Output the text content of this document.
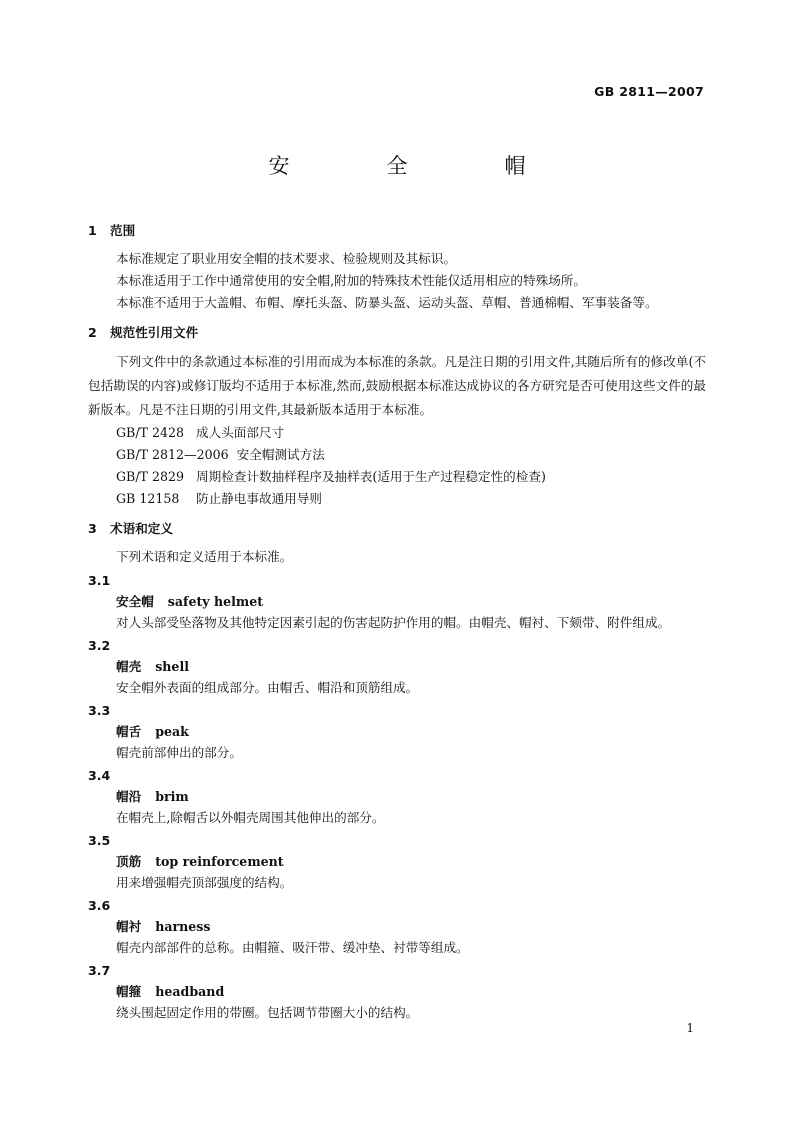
GB 2811—2007
安　全　帽
1 范围

本标准规定了职业用安全帽的技术要求、检验规则及其标识。

本标准适用于工作中通常使用的安全帽,附加的特殊技术性能仅适用相应的特殊场所。

本标准不适用于大盖帽、布帽、摩托头盔、防暴头盔、运动头盔、草帽、普通棉帽、军事装备等。

2 规范性引用文件

下列文件中的条款通过本标准的引用而成为本标准的条款。凡是注日期的引用文件,其随后所有的修改单(不包括勘误的内容)或修订版均不适用于本标准,然而,鼓励根据本标准达成协议的各方研究是否可使用这些文件的最新版本。凡是不注日期的引用文件,其最新版本适用于本标准。

GB/T 2428 成人头面部尺寸
GB/T 2812—2006 安全帽测试方法
GB/T 2829 周期检查计数抽样程序及抽样表(适用于生产过程稳定性的检查)
GB 12158 防止静电事故通用导则
3 术语和定义

下列术语和定义适用于本标准。

3.1
安全帽 safety helmet
对人头部受坠落物及其他特定因素引起的伤害起防护作用的帽。由帽壳、帽衬、下颏带、附件组成。
3.2
帽壳 shell
安全帽外表面的组成部分。由帽舌、帽沿和顶筋组成。
3.3
帽舌 peak
帽壳前部伸出的部分。
3.4
帽沿 brim
在帽壳上,除帽舌以外帽壳周围其他伸出的部分。
3.5
顶筋 top reinforcement
用来增强帽壳顶部强度的结构。
3.6
帽衬 harness
帽壳内部部件的总称。由帽箍、吸汗带、缓冲垫、衬带等组成。
3.7
帽箍 headband
绕头围起固定作用的带圈。包括调节带圈大小的结构。
1
